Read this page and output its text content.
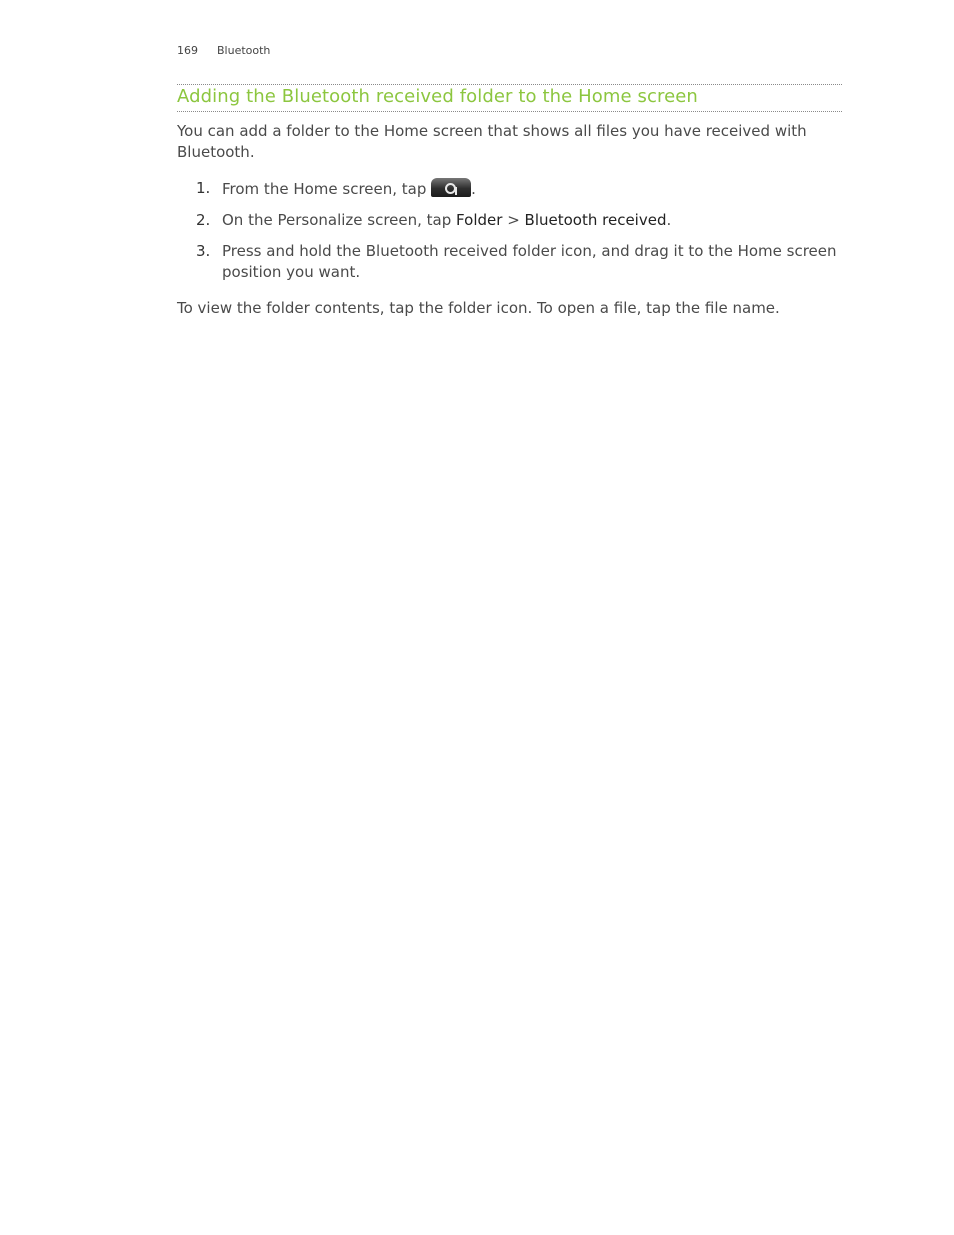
169 Bluetooth
Adding the Bluetooth received folder to the Home screen

You can add a folder to the Home screen that shows all files you have received with Bluetooth.

1. From the Home screen, tap	.
2. On the Personalize screen, tap Folder > Bluetooth received.
3. Press and hold the Bluetooth received folder icon, and drag it to the Home screen position you want.

To view the folder contents, tap the folder icon. To open a file, tap the file name.
